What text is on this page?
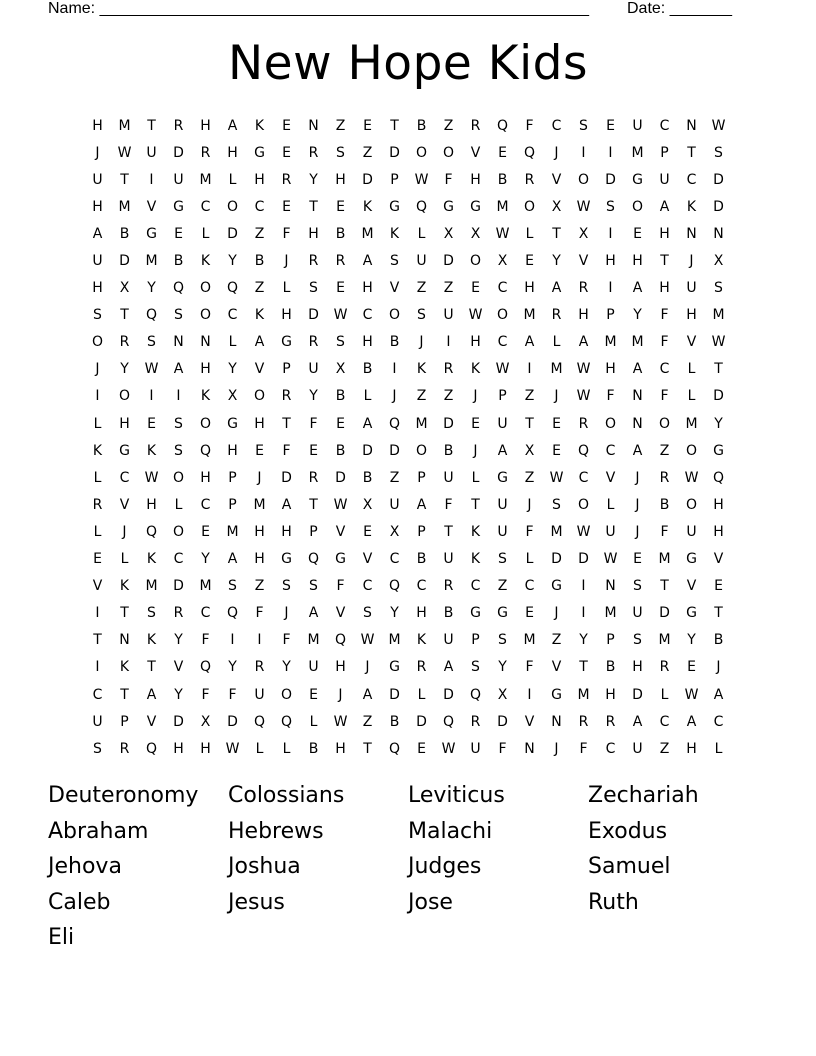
Name: _______________________________________________________ Date: _______
New Hope Kids
H	M	T	R	H	A	K	E	N	Z	E	T	B	Z	R	Q	F	C	S	E	U	C	N	W
J	W	U	D	R	H	G	E	R	S	Z	D	O	O	V	E	Q	J	I	I	M	P	T	S
U	T	I	U	M	L	H	R	Y	H	D	P	W	F	H	B	R	V	O	D	G	U	C	D
H	M	V	G	C	O	C	E	T	E	K	G	Q	G	G	M	O	X	W	S	O	A	K	D
A	B	G	E	L	D	Z	F	H	B	M	K	L	X	X	W	L	T	X	I	E	H	N	N
U	D	M	B	K	Y	B	J	R	R	A	S	U	D	O	X	E	Y	V	H	H	T	J	X
H	X	Y	Q	O	Q	Z	L	S	E	H	V	Z	Z	E	C	H	A	R	I	A	H	U	S
S	T	Q	S	O	C	K	H	D	W	C	O	S	U	W	O	M	R	H	P	Y	F	H	M
O	R	S	N	N	L	A	G	R	S	H	B	J	I	H	C	A	L	A	M	M	F	V	W
J	Y	W	A	H	Y	V	P	U	X	B	I	K	R	K	W	I	M	W	H	A	C	L	T
I	O	I	I	K	X	O	R	Y	B	L	J	Z	Z	J	P	Z	J	W	F	N	F	L	D
L	H	E	S	O	G	H	T	F	E	A	Q	M	D	E	U	T	E	R	O	N	O	M	Y
K	G	K	S	Q	H	E	F	E	B	D	D	O	B	J	A	X	E	Q	C	A	Z	O	G
L	C	W	O	H	P	J	D	R	D	B	Z	P	U	L	G	Z	W	C	V	J	R	W	Q
R	V	H	L	C	P	M	A	T	W	X	U	A	F	T	U	J	S	O	L	J	B	O	H
L	J	Q	O	E	M	H	H	P	V	E	X	P	T	K	U	F	M	W	U	J	F	U	H
E	L	K	C	Y	A	H	G	Q	G	V	C	B	U	K	S	L	D	D	W	E	M	G	V
V	K	M	D	M	S	Z	S	S	F	C	Q	C	R	C	Z	C	G	I	N	S	T	V	E
I	T	S	R	C	Q	F	J	A	V	S	Y	H	B	G	G	E	J	I	M	U	D	G	T
T	N	K	Y	F	I	I	F	M	Q	W	M	K	U	P	S	M	Z	Y	P	S	M	Y	B
I	K	T	V	Q	Y	R	Y	U	H	J	G	R	A	S	Y	F	V	T	B	H	R	E	J
C	T	A	Y	F	F	U	O	E	J	A	D	L	D	Q	X	I	G	M	H	D	L	W	A
U	P	V	D	X	D	Q	Q	L	W	Z	B	D	Q	R	D	V	N	R	R	A	C	A	C
S	R	Q	H	H	W	L	L	B	H	T	Q	E	W	U	F	N	J	F	C	U	Z	H	L
Deuteronomy	Colossians	Leviticus	Zechariah
Abraham	Hebrews	Malachi	Exodus
Jehova	Joshua	Judges	Samuel
Caleb	Jesus	Jose	Ruth
Eli
